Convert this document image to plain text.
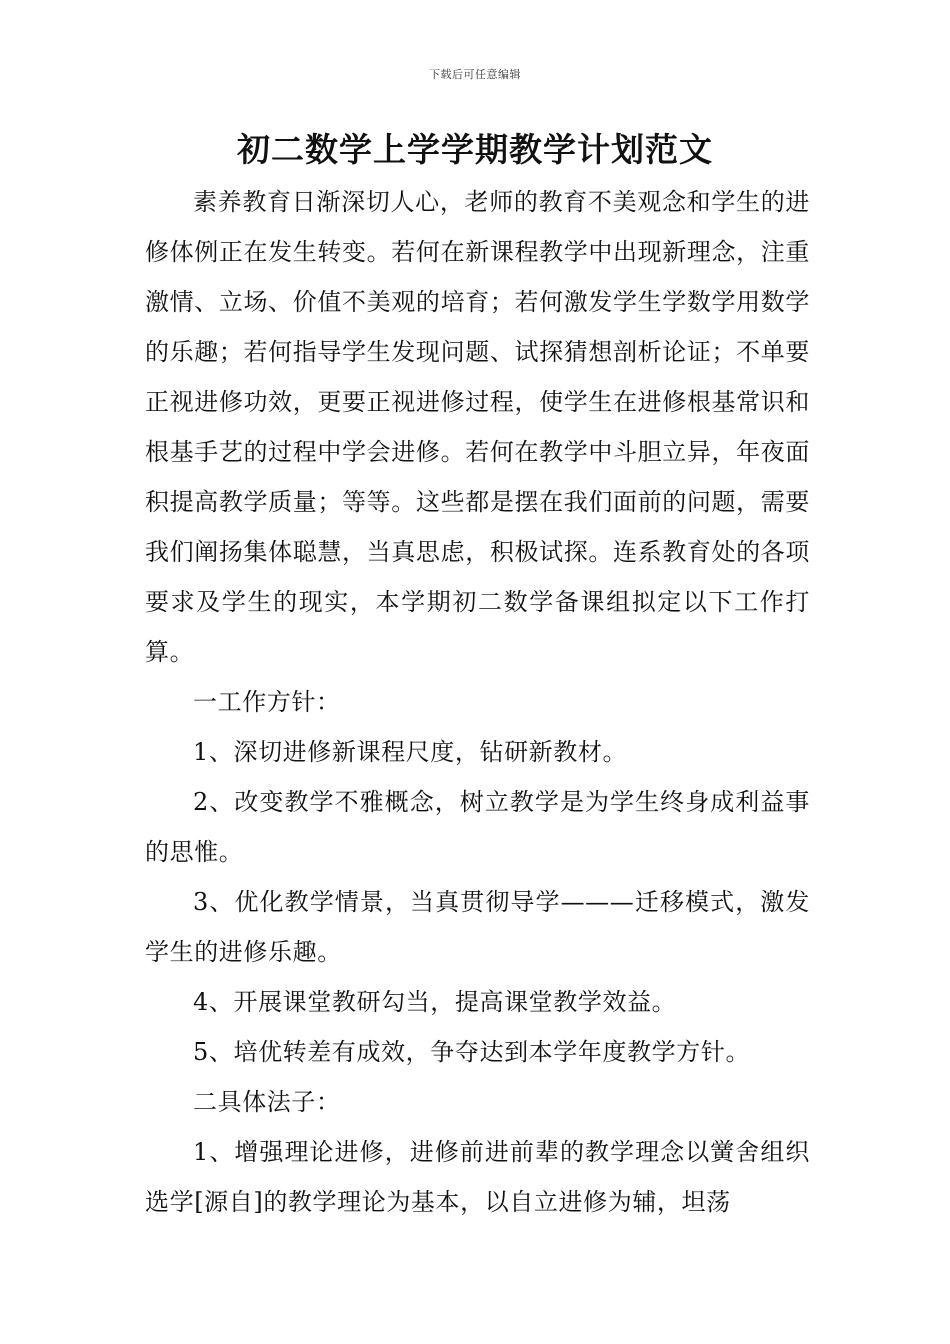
下载后可任意编辑
初二数学上学学期教学计划范文

素养教育日渐深切人心，老师的教育不美观念和学生的进修体例正在发生转变。若何在新课程教学中出现新理念，注重激情、立场、价值不美观的培育；若何激发学生学数学用数学的乐趣；若何指导学生发现问题、试探猜想剖析论证；不单要正视进修功效，更要正视进修过程，使学生在进修根基常识和根基手艺的过程中学会进修。若何在教学中斗胆立异，年夜面积提高教学质量；等等。这些都是摆在我们面前的问题，需要我们阐扬集体聪慧，当真思虑，积极试探。连系教育处的各项要求及学生的现实，本学期初二数学备课组拟定以下工作打算。

一工作方针：

1、深切进修新课程尺度，钻研新教材。

2、改变教学不雅概念，树立教学是为学生终身成利益事的思惟。

3、优化教学情景，当真贯彻导学———迁移模式，激发学生的进修乐趣。

4、开展课堂教研勾当，提高课堂教学效益。

5、培优转差有成效，争夺达到本学年度教学方针。

二具体法子：

1、增强理论进修，进修前进前辈的教学理念以黉舍组织选学[源自]的教学理论为基本，以自立进修为辅，坦荡
